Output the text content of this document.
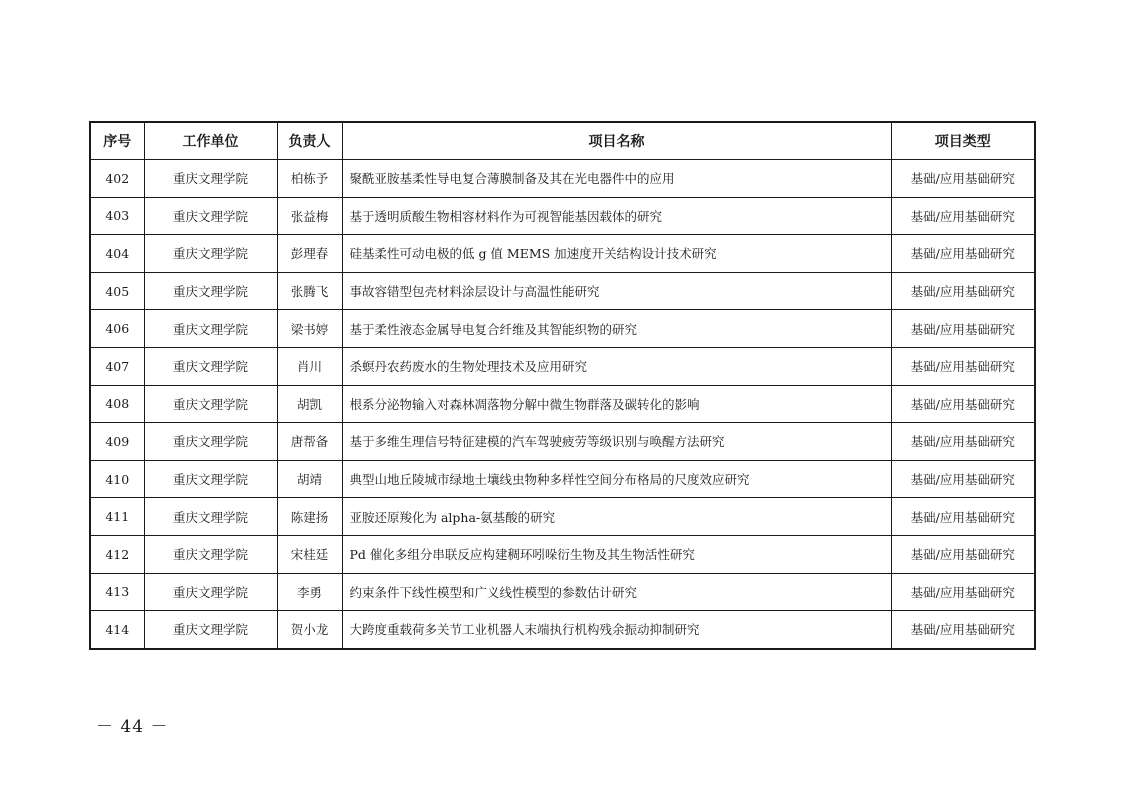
序号	工作单位	负责人	项目名称	项目类型
402	重庆文理学院	柏栋予	聚酰亚胺基柔性导电复合薄膜制备及其在光电器件中的应用	基础/应用基础研究
403	重庆文理学院	张益梅	基于透明质酸生物相容材料作为可视智能基因载体的研究	基础/应用基础研究
404	重庆文理学院	彭理春	硅基柔性可动电极的低 g 值 MEMS 加速度开关结构设计技术研究	基础/应用基础研究
405	重庆文理学院	张腾飞	事故容错型包壳材料涂层设计与高温性能研究	基础/应用基础研究
406	重庆文理学院	梁书婷	基于柔性液态金属导电复合纤维及其智能织物的研究	基础/应用基础研究
407	重庆文理学院	肖川	杀螟丹农药废水的生物处理技术及应用研究	基础/应用基础研究
408	重庆文理学院	胡凯	根系分泌物输入对森林凋落物分解中微生物群落及碳转化的影响	基础/应用基础研究
409	重庆文理学院	唐帮备	基于多维生理信号特征建模的汽车驾驶疲劳等级识别与唤醒方法研究	基础/应用基础研究
410	重庆文理学院	胡靖	典型山地丘陵城市绿地土壤线虫物种多样性空间分布格局的尺度效应研究	基础/应用基础研究
411	重庆文理学院	陈建扬	亚胺还原羧化为 alpha-氨基酸的研究	基础/应用基础研究
412	重庆文理学院	宋桂廷	Pd 催化多组分串联反应构建稠环吲哚衍生物及其生物活性研究	基础/应用基础研究
413	重庆文理学院	李勇	约束条件下线性模型和广义线性模型的参数估计研究	基础/应用基础研究
414	重庆文理学院	贺小龙	大跨度重载荷多关节工业机器人末端执行机构残余振动抑制研究	基础/应用基础研究
－ 44 －
